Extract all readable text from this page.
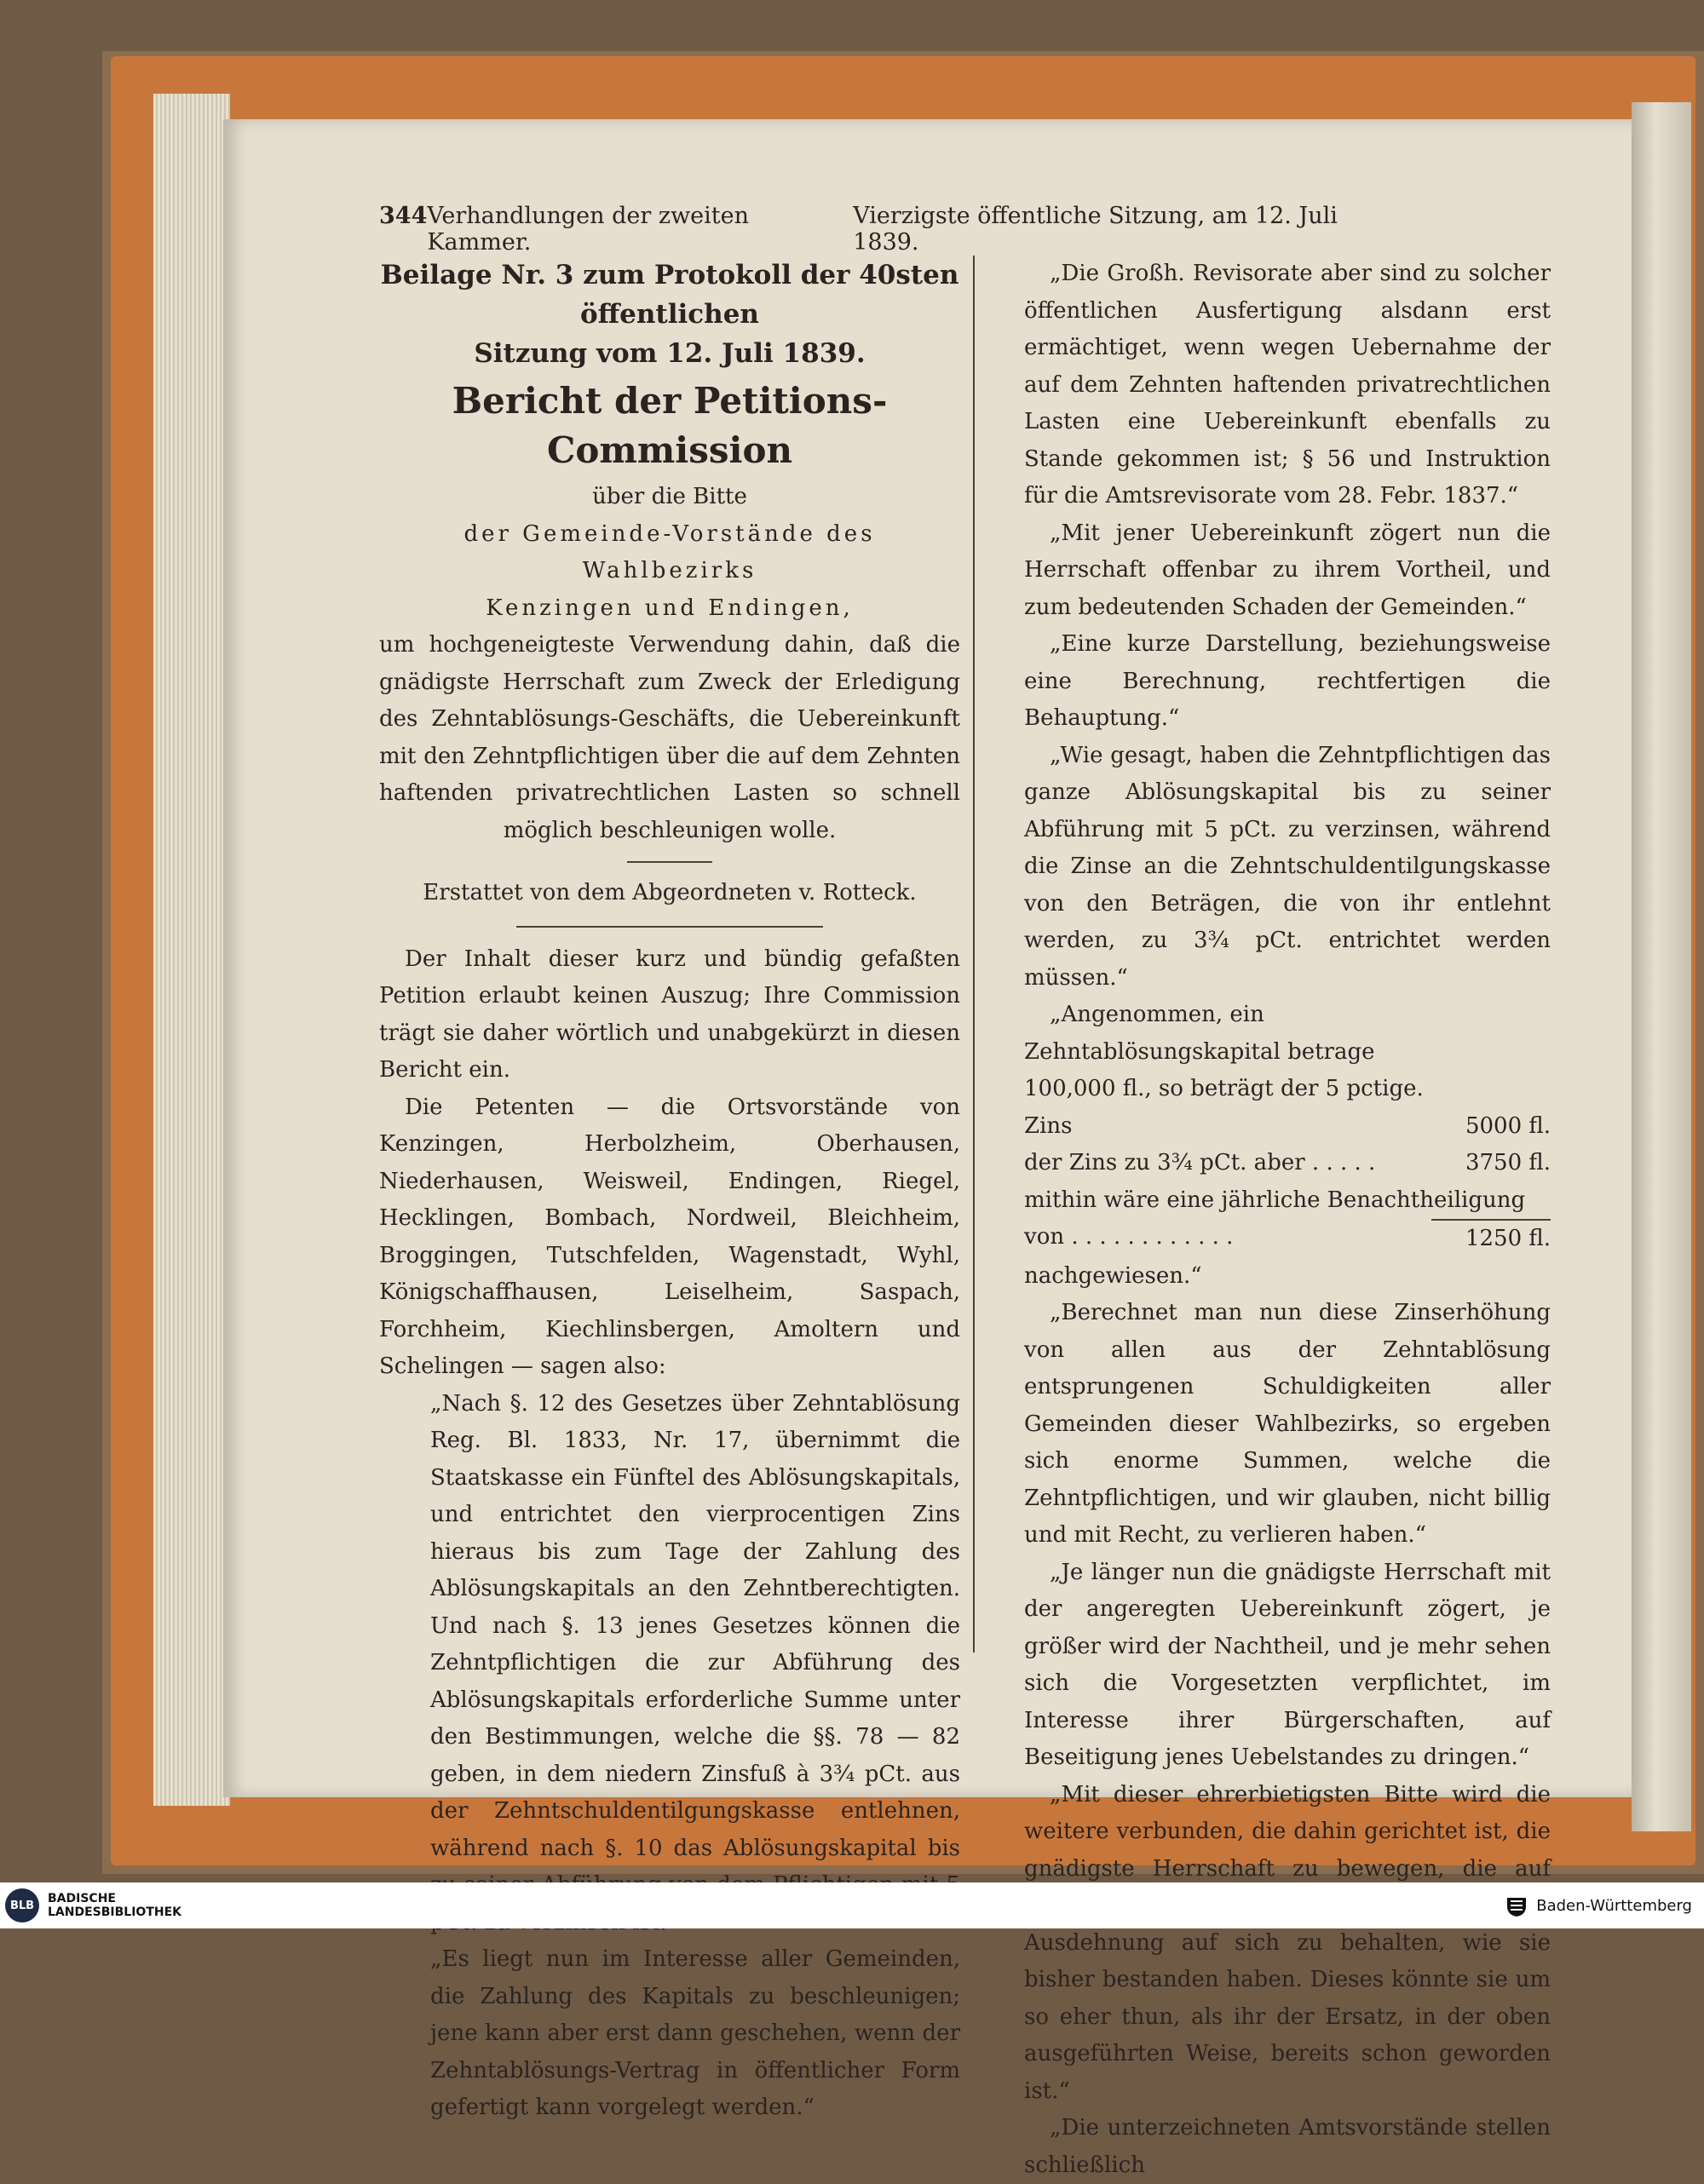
344 Verhandlungen der zweiten Kammer.
Vierzigste öffentliche Sitzung, am 12. Juli 1839.
Beilage Nr. 3 zum Protokoll der 40sten öffentlichen
Sitzung vom 12. Juli 1839.
Bericht der Petitions-Commission
über die Bitte
der Gemeinde-Vorstände des Wahlbezirks
Kenzingen und Endingen,
um hochgeneigteste Verwendung dahin, daß die gnädigste Herrschaft zum Zweck der Erledigung des Zehntablösungs-Geschäfts, die Uebereinkunft mit den Zehntpflichtigen über die auf dem Zehnten haftenden privatrechtlichen Lasten so schnell möglich beschleunigen wolle.
Erstattet von dem Abgeordneten v. Rotteck.

Der Inhalt dieser kurz und bündig gefaßten Petition erlaubt keinen Auszug; Ihre Commission trägt sie daher wörtlich und unabgekürzt in diesen Bericht ein.

Die Petenten — die Ortsvorstände von Kenzingen, Herbolzheim, Oberhausen, Niederhausen, Weisweil, Endingen, Riegel, Hecklingen, Bombach, Nordweil, Bleichheim, Broggingen, Tutschfelden, Wagenstadt, Wyhl, Königschaffhausen, Leiselheim, Saspach, Forchheim, Kiechlinsbergen, Amoltern und Schelingen — sagen also:

„Nach §. 12 des Gesetzes über Zehntablösung Reg. Bl. 1833, Nr. 17, übernimmt die Staatskasse ein Fünftel des Ablösungskapitals, und entrichtet den vierprocentigen Zins hieraus bis zum Tage der Zahlung des Ablösungskapitals an den Zehntberechtigten. Und nach §. 13 jenes Gesetzes können die Zehntpflichtigen die zur Abführung des Ablösungskapitals erforderliche Summe unter den Bestimmungen, welche die §§. 78 — 82 geben, in dem niedern Zinsfuß à 3¾ pCt. aus der Zehntschuldentilgungskasse entlehnen, während nach §. 10 das Ablösungskapital bis

„Es liegt nun im Interesse aller Gemeinden, die Zahlung des Kapitals zu beschleunigen; jene kann aber erst dann geschehen, wenn der Zehntablösungs-Vertrag in öffentlicher Form gefertigt kann vorgelegt werden.“

„Die Großh. Revisorate aber sind zu solcher öffentlichen Ausfertigung alsdann erst ermächtiget, wenn wegen Uebernahme der auf dem Zehnten haftenden privatrechtlichen Lasten eine Uebereinkunft ebenfalls zu Stande gekommen ist; § 56 und Instruktion für die Amtsrevisorate vom 28. Febr. 1837.“

„Mit jener Uebereinkunft zögert nun die Herrschaft offenbar zu ihrem Vortheil, und zum bedeutenden Schaden der Gemeinden.“

„Eine kurze Darstellung, beziehungsweise eine Berechnung, rechtfertigen die Behauptung.“

„Wie gesagt, haben die Zehntpflichtigen das ganze Ablösungskapital bis zu seiner Abführung mit 5 pCt. zu verzinsen, während die Zinse an die Zehntschuldentilgungskasse von den Beträgen, die von ihr entlehnt werden, zu 3¾ pCt. entrichtet werden müssen.“

„Angenommen, ein Zehntablösungskapital betrage 100,000 fl., so beträgt der 5 pctige. Zins	5000 fl.
der Zins zu 3¾ pCt. aber . . . . .	3750 fl.
mithin wäre eine jährliche Benachtheiligung
von . . . . . . . . . . . .	1250 fl.
nachgewiesen.“

„Berechnet man nun diese Zinserhöhung von allen aus der Zehntablösung entsprungenen Schuldigkeiten aller Gemeinden dieser Wahlbezirks, so ergeben sich enorme Summen, welche die Zehntpflichtigen, und wir glauben, nicht billig und mit Recht, zu verlieren haben.“

„Je länger nun die gnädigste Herrschaft mit der angeregten Uebereinkunft zögert, je größer wird der Nachtheil, und je mehr sehen sich die Vorgesetzten verpflichtet, im Interesse ihrer Bürgerschaften, auf Beseitigung jenes Uebelstandes zu dringen.“

„Mit dieser ehrerbietigsten Bitte wird die weitere verbunden, die dahin gerichtet ist, die gnädigste Herrschaft zu bewegen, die auf Ausdehnung auf sich zu behalten, wie sie bisher bestanden haben. Dieses könnte sie um so eher thun, als ihr der Ersatz, in der oben ausgeführten Weise, bereits schon geworden ist.“

„Die unterzeichneten Amtsvorstände stellen schließlich

BLB	BADISCHE
LANDESBIBLIOTHEK	Baden-Württemberg
